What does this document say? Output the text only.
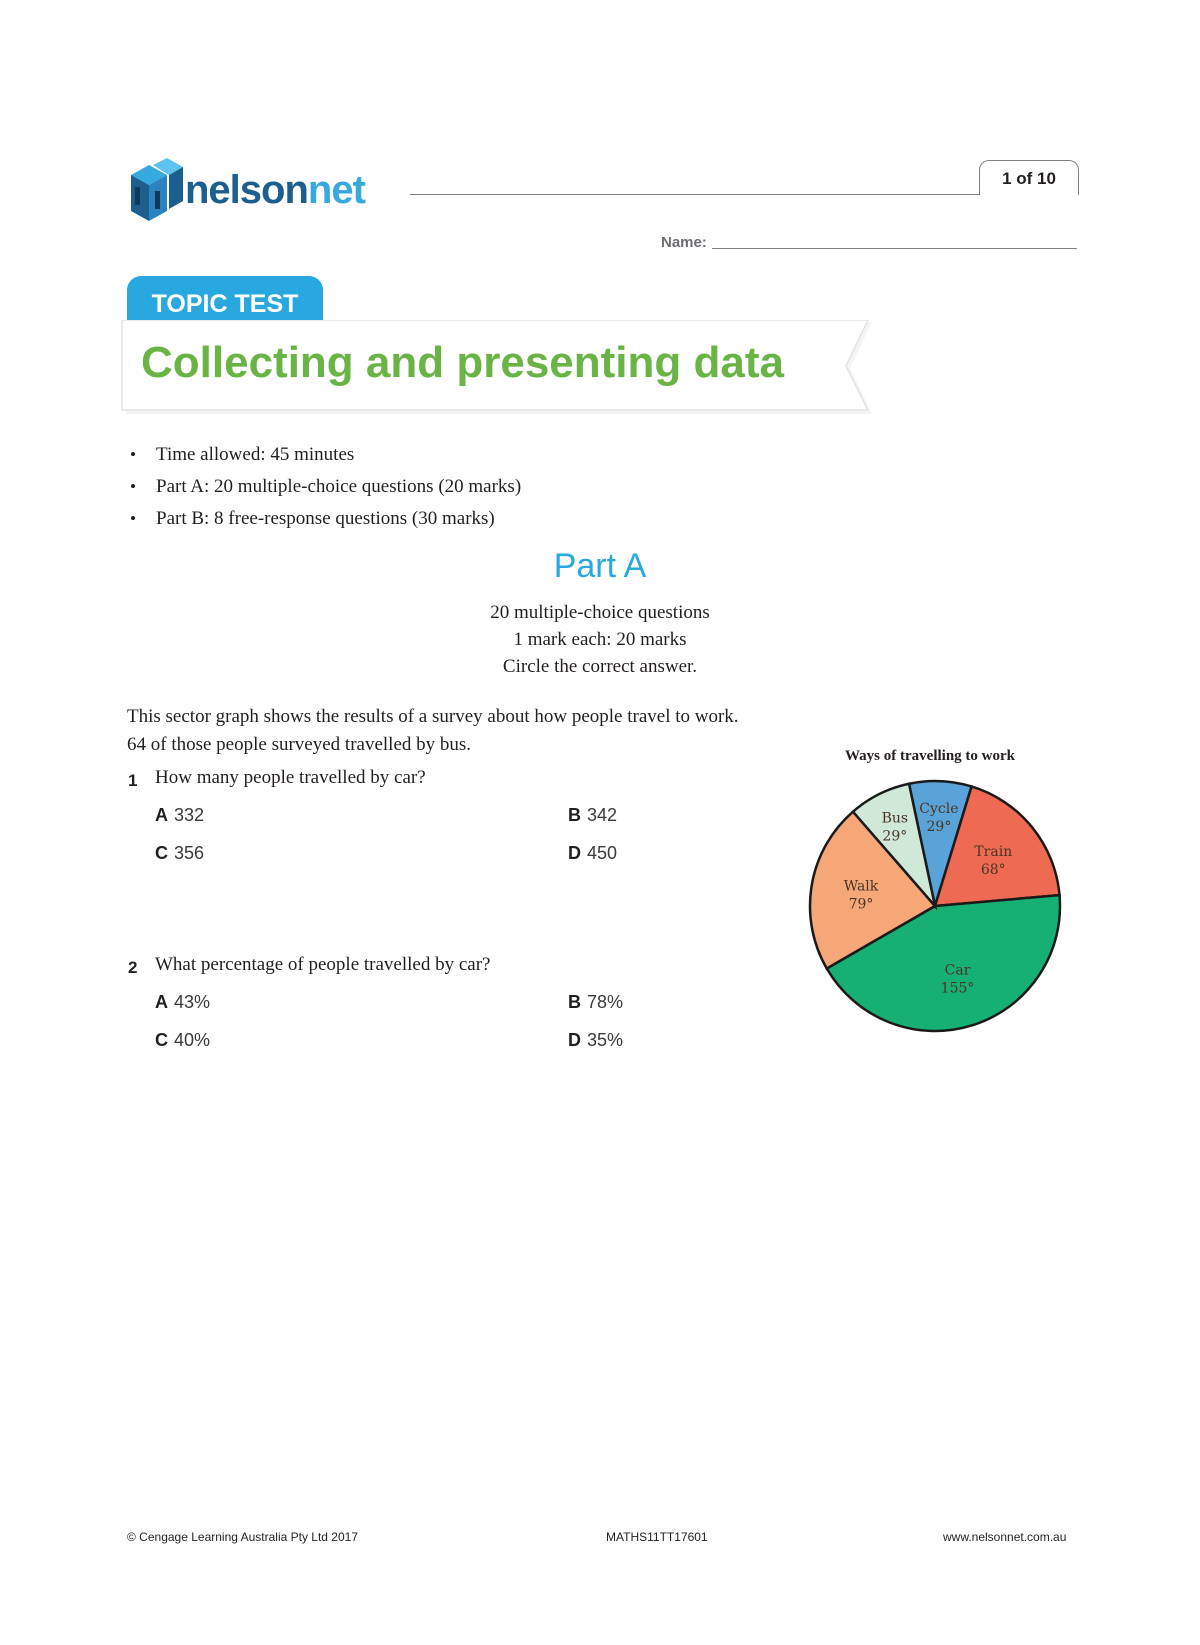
nelsonnet	1 of 10
Name:
TOPIC TEST
Collecting and presenting data
• Time allowed: 45 minutes
• Part A: 20 multiple-choice questions (20 marks)
• Part B: 8 free-response questions (30 marks)
Part A
20 multiple-choice questions
1 mark each: 20 marks
Circle the correct answer.
This sector graph shows the results of a survey about how people travel to work.
64 of those people surveyed travelled by bus.
1 How many people travelled by car?
A 332	B 342
C 356	D 450
2 What percentage of people travelled by car?
A 43%	B 78%
C 40%	D 35%
Ways of travelling to work
Cycle
29°
Train
68°
Car
155°
Walk
79°
Bus
29°
© Cengage Learning Australia Pty Ltd 2017	MATHS11TT17601	www.nelsonnet.com.au
